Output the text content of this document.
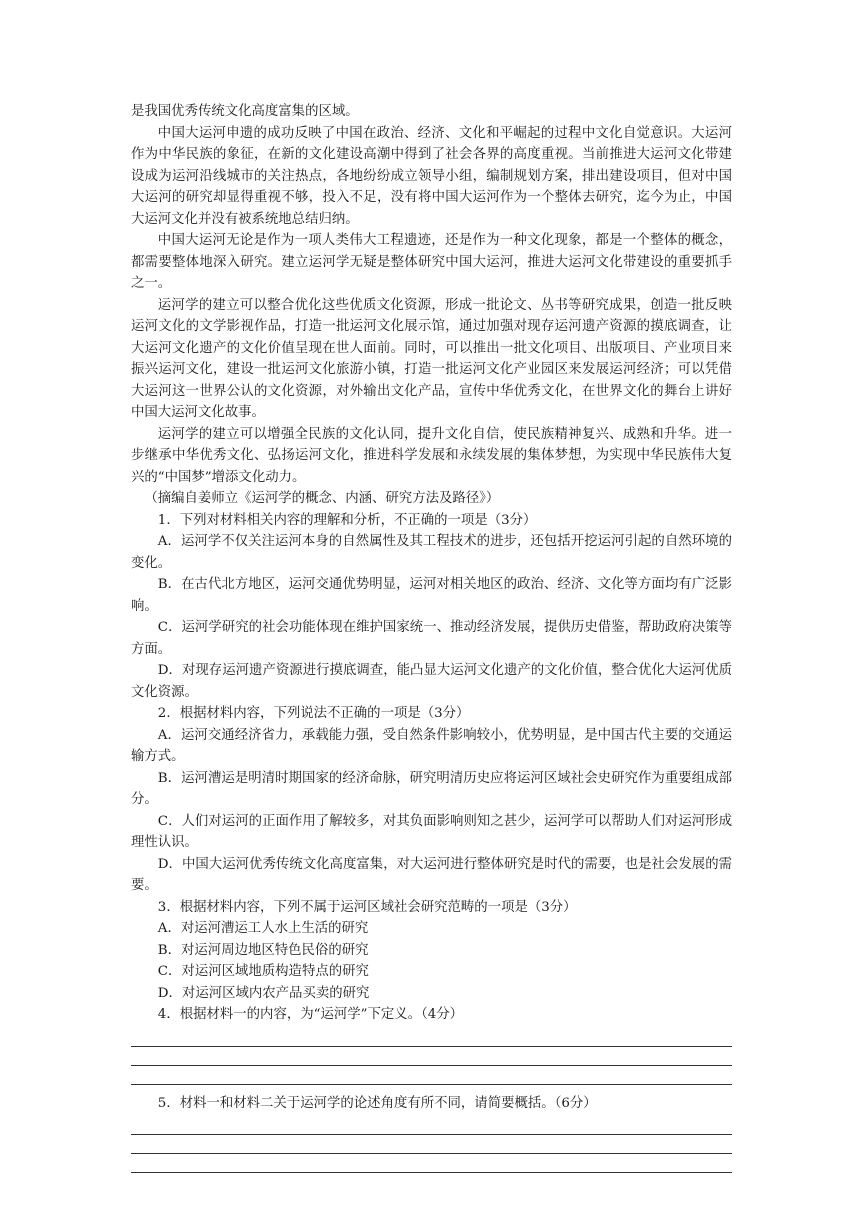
是我国优秀传统文化高度富集的区域。

中国大运河申遗的成功反映了中国在政治、经济、文化和平崛起的过程中文化自觉意识。大运河作为中华民族的象征，在新的文化建设高潮中得到了社会各界的高度重视。当前推进大运河文化带建设成为运河沿线城市的关注热点，各地纷纷成立领导小组，编制规划方案，排出建设项目，但对中国大运河的研究却显得重视不够，投入不足，没有将中国大运河作为一个整体去研究，迄今为止，中国大运河文化并没有被系统地总结归纳。

中国大运河无论是作为一项人类伟大工程遗迹，还是作为一种文化现象，都是一个整体的概念，都需要整体地深入研究。建立运河学无疑是整体研究中国大运河，推进大运河文化带建设的重要抓手之一。

运河学的建立可以整合优化这些优质文化资源，形成一批论文、丛书等研究成果，创造一批反映运河文化的文学影视作品，打造一批运河文化展示馆，通过加强对现存运河遗产资源的摸底调查，让大运河文化遗产的文化价值呈现在世人面前。同时，可以推出一批文化项目、出版项目、产业项目来振兴运河文化，建设一批运河文化旅游小镇，打造一批运河文化产业园区来发展运河经济；可以凭借大运河这一世界公认的文化资源，对外输出文化产品，宣传中华优秀文化，在世界文化的舞台上讲好中国大运河文化故事。

运河学的建立可以增强全民族的文化认同，提升文化自信，使民族精神复兴、成熟和升华。进一步继承中华优秀文化、弘扬运河文化，推进科学发展和永续发展的集体梦想，为实现中华民族伟大复兴的“中国梦”增添文化动力。

（摘编自姜师立《运河学的概念、内涵、研究方法及路径》）

1．下列对材料相关内容的理解和分析，不正确的一项是（3分）

A．运河学不仅关注运河本身的自然属性及其工程技术的进步，还包括开挖运河引起的自然环境的变化。

B．在古代北方地区，运河交通优势明显，运河对相关地区的政治、经济、文化等方面均有广泛影响。

C．运河学研究的社会功能体现在维护国家统一、推动经济发展，提供历史借鉴，帮助政府决策等方面。

D．对现存运河遗产资源进行摸底调查，能凸显大运河文化遗产的文化价值，整合优化大运河优质文化资源。

2．根据材料内容，下列说法不正确的一项是（3分）

A．运河交通经济省力，承载能力强，受自然条件影响较小，优势明显，是中国古代主要的交通运输方式。

B．运河漕运是明清时期国家的经济命脉，研究明清历史应将运河区域社会史研究作为重要组成部分。

C．人们对运河的正面作用了解较多，对其负面影响则知之甚少，运河学可以帮助人们对运河形成理性认识。

D．中国大运河优秀传统文化高度富集，对大运河进行整体研究是时代的需要，也是社会发展的需要。

3．根据材料内容，下列不属于运河区域社会研究范畴的一项是（3分）

A．对运河漕运工人水上生活的研究

B．对运河周边地区特色民俗的研究

C．对运河区域地质构造特点的研究

D．对运河区域内农产品买卖的研究

4．根据材料一的内容，为“运河学”下定义。（4分）

5．材料一和材料二关于运河学的论述角度有所不同，请简要概括。（6分）
